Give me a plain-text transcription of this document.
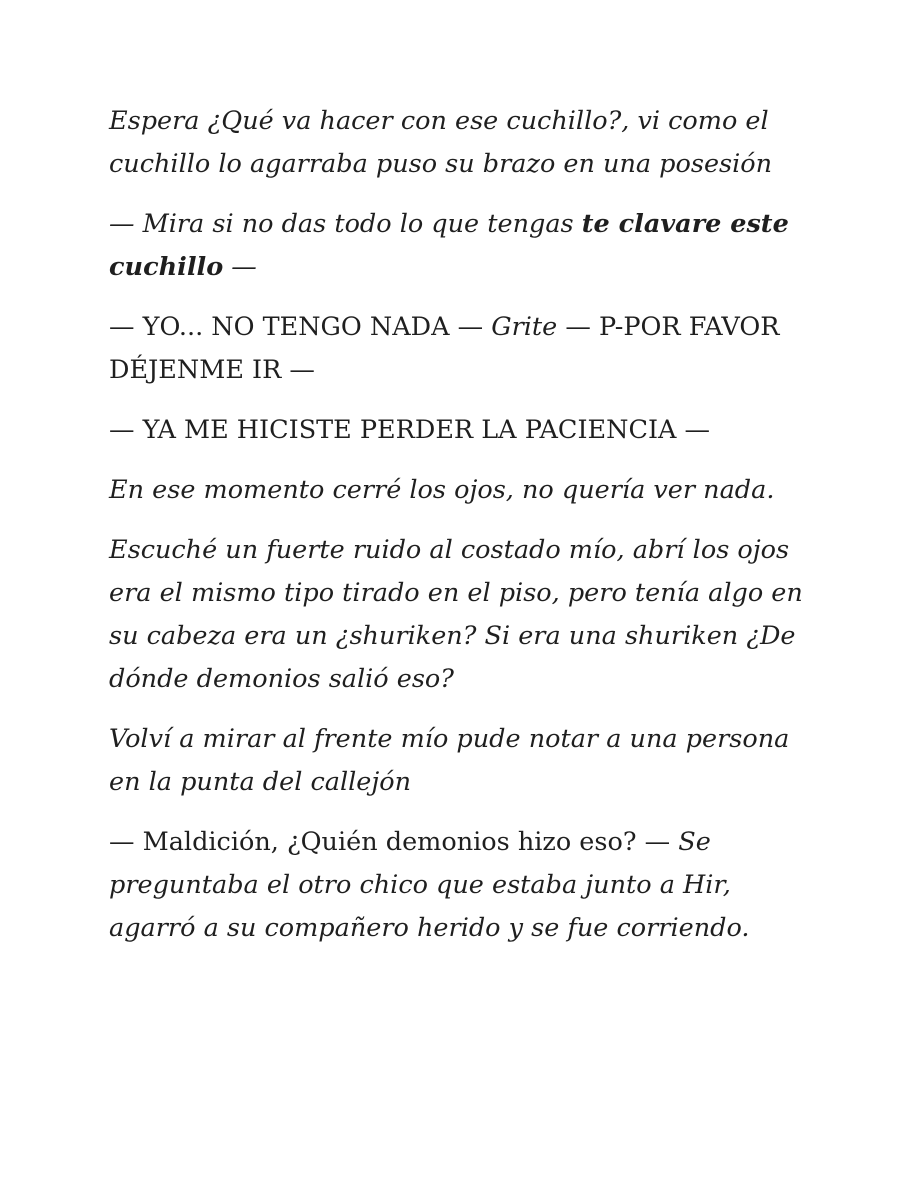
Espera ¿Qué va hacer con ese cuchillo?, vi como el cuchillo lo agarraba puso su brazo en una posesión

— Mira si no das todo lo que tengas te clavare este cuchillo —

— YO... NO TENGO NADA — Grite — P-POR FAVOR DÉJENME IR —

— YA ME HICISTE PERDER LA PACIENCIA —

En ese momento cerré los ojos, no quería ver nada.

Escuché un fuerte ruido al costado mío, abrí los ojos era el mismo tipo tirado en el piso, pero tenía algo en su cabeza era un ¿shuriken? Si era una shuriken ¿De dónde demonios salió eso?

Volví a mirar al frente mío pude notar a una persona en la punta del callejón

— Maldición, ¿Quién demonios hizo eso? — Se preguntaba el otro chico que estaba junto a Hir, agarró a su compañero herido y se fue corriendo.
